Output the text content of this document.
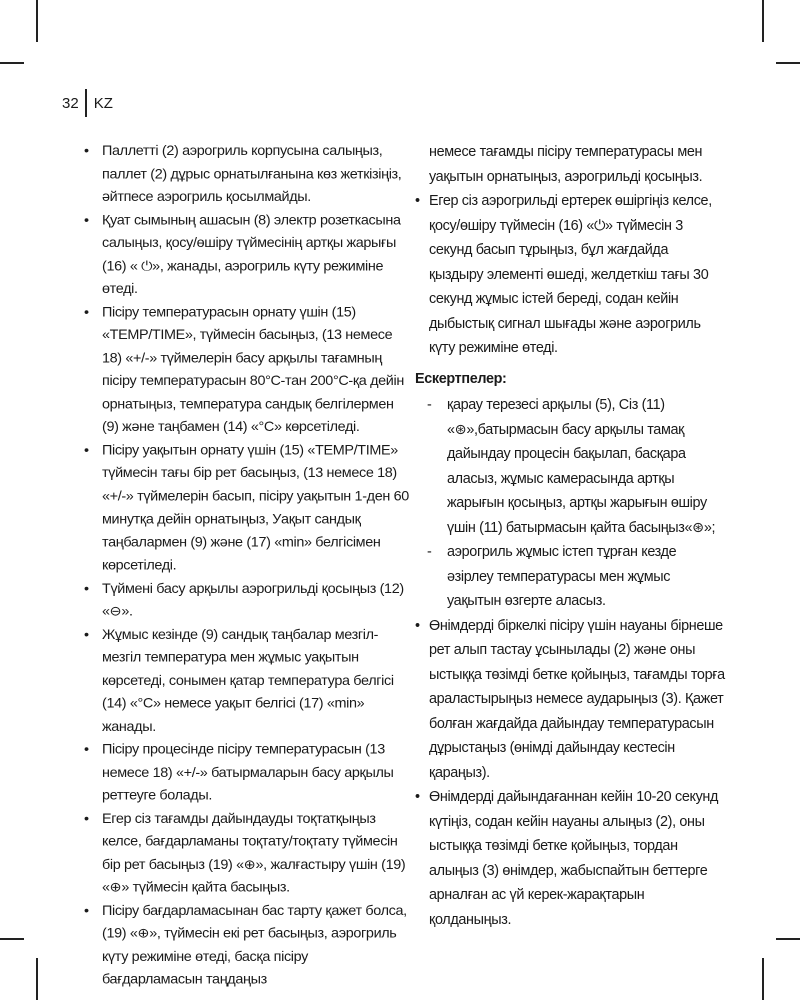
32	KZ
• Паллетті (2) аэрогриль корпусына салыңыз, паллет (2) дұрыс орнатылғанына көз жеткізіңіз, әйтпесе аэрогриль қосылмайды.
• Қуат сымының ашасын (8) электр розеткасына салыңыз, қосу/өшіру түймесінің артқы жарығы (16) « ⏻», жанады, аэрогриль күту режиміне өтеді.
• Пісіру температурасын орнату үшін (15) «TEMP/TIME», түймесін басыңыз, (13 немесе 18) «+/-» түймелерін басу арқылы тағамның пісіру температурасын 80°C-тан 200°C-қа дейін орнатыңыз, температура сандық белгілермен (9) және таңбамен (14) «°C» көрсетіледі.
• Пісіру уақытын орнату үшін (15) «TEMP/TIME» түймесін тағы бір рет басыңыз, (13 немесе 18) «+/-» түймелерін басып, пісіру уақытын 1-ден 60 минутқа дейін орнатыңыз, Уақыт сандық таңбалармен (9) және (17) «min» белгісімен көрсетіледі.
• Түймені басу арқылы аэрогрильді қосыңыз (12) «⊖».
• Жұмыс кезінде (9) сандық таңбалар мезгіл-мезгіл температура мен жұмыс уақытын көрсетеді, сонымен қатар температура белгісі (14) «°C» немесе уақыт белгісі (17) «min» жанады.
• Пісіру процесінде пісіру температурасын (13 немесе 18) «+/-» батырмаларын басу арқылы реттеуге болады.
• Егер сіз тағамды дайындауды тоқтатқыңыз келсе, бағдарламаны тоқтату/тоқтату түймесін бір рет басыңыз (19) «⊕», жалғастыру үшін (19) «⊕» түймесін қайта басыңыз.
• Пісіру бағдарламасынан бас тарту қажет болса, (19) «⊕», түймесін екі рет басыңыз, аэрогриль күту режиміне өтеді, басқа пісіру бағдарламасын таңдаңыз
немесе тағамды пісіру температурасы мен уақытын орнатыңыз, аэрогрильді қосыңыз.
• Егер сіз аэрогрильді ертерек өшіргіңіз келсе, қосу/өшіру түймесін (16) «⏻» түймесін 3 секунд басып тұрыңыз, бұл жағдайда қыздыру элементі өшеді, желдеткіш тағы 30 секунд жұмыс істей береді, содан кейін дыбыстық сигнал шығады және аэрогриль күту режиміне өтеді.
Ескертпелер:
- қарау терезесі арқылы (5), Сіз (11) «⊛»,батырмасын басу арқылы тамақ дайындау процесін бақылап, басқара аласыз, жұмыс камерасында артқы жарығын қосыңыз, артқы жарығын өшіру үшін (11) батырмасын қайта басыңыз«⊛»;
- аэрогриль жұмыс істеп тұрған кезде әзірлеу температурасы мен жұмыс уақытын өзгерте аласыз.
• Өнімдерді біркелкі пісіру үшін науаны бірнеше рет алып тастау ұсынылады (2) және оны ыстыққа төзімді бетке қойыңыз, тағамды торға араластырыңыз немесе аударыңыз (3). Қажет болған жағдайда дайындау температурасын дұрыстаңыз (өнімді дайындау кестесін қараңыз).
• Өнімдерді дайындағаннан кейін 10-20 секунд күтіңіз, содан кейін науаны алыңыз (2), оны ыстыққа төзімді бетке қойыңыз, тордан алыңыз (3) өнімдер, жабыспайтын беттерге арналған ас үй керек-жарақтарын қолданыңыз.
